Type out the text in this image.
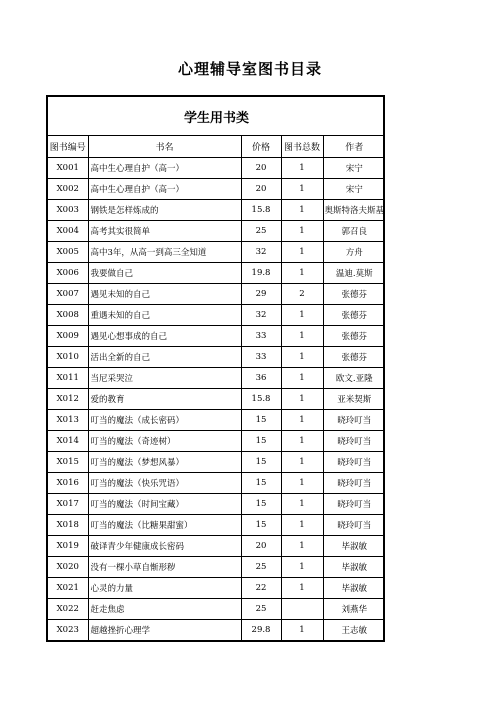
心理辅导室图书目录
学生用书类				
图书编号	书名	价格	图书总数	作者
X001	高中生心理自护（高一）	20	1	宋宁
X002	高中生心理自护（高一）	20	1	宋宁
X003	钢铁是怎样炼成的	15.8	1	奥斯特洛夫斯基
X004	高考其实很简单	25	1	郭召良
X005	高中3年，从高一到高三全知道	32	1	方舟
X006	我要做自己	19.8	1	温迪.莫斯
X007	遇见未知的自己	29	2	张德芬
X008	重遇未知的自己	32	1	张德芬
X009	遇见心想事成的自己	33	1	张德芬
X010	活出全新的自己	33	1	张德芬
X011	当尼采哭泣	36	1	欧文.亚隆
X012	爱的教育	15.8	1	亚米契斯
X013	叮当的魔法（成长密码）	15	1	晓玲叮当
X014	叮当的魔法（奇迹树）	15	1	晓玲叮当
X015	叮当的魔法（梦想风暴）	15	1	晓玲叮当
X016	叮当的魔法（快乐咒语）	15	1	晓玲叮当
X017	叮当的魔法（时间宝藏）	15	1	晓玲叮当
X018	叮当的魔法（比糖果甜蜜）	15	1	晓玲叮当
X019	破译青少年健康成长密码	20	1	毕淑敏
X020	没有一棵小草自惭形秽	25	1	毕淑敏
X021	心灵的力量	22	1	毕淑敏
X022	赶走焦虑	25		刘燕华
X023	超越挫折心理学	29.8	1	王志敏
